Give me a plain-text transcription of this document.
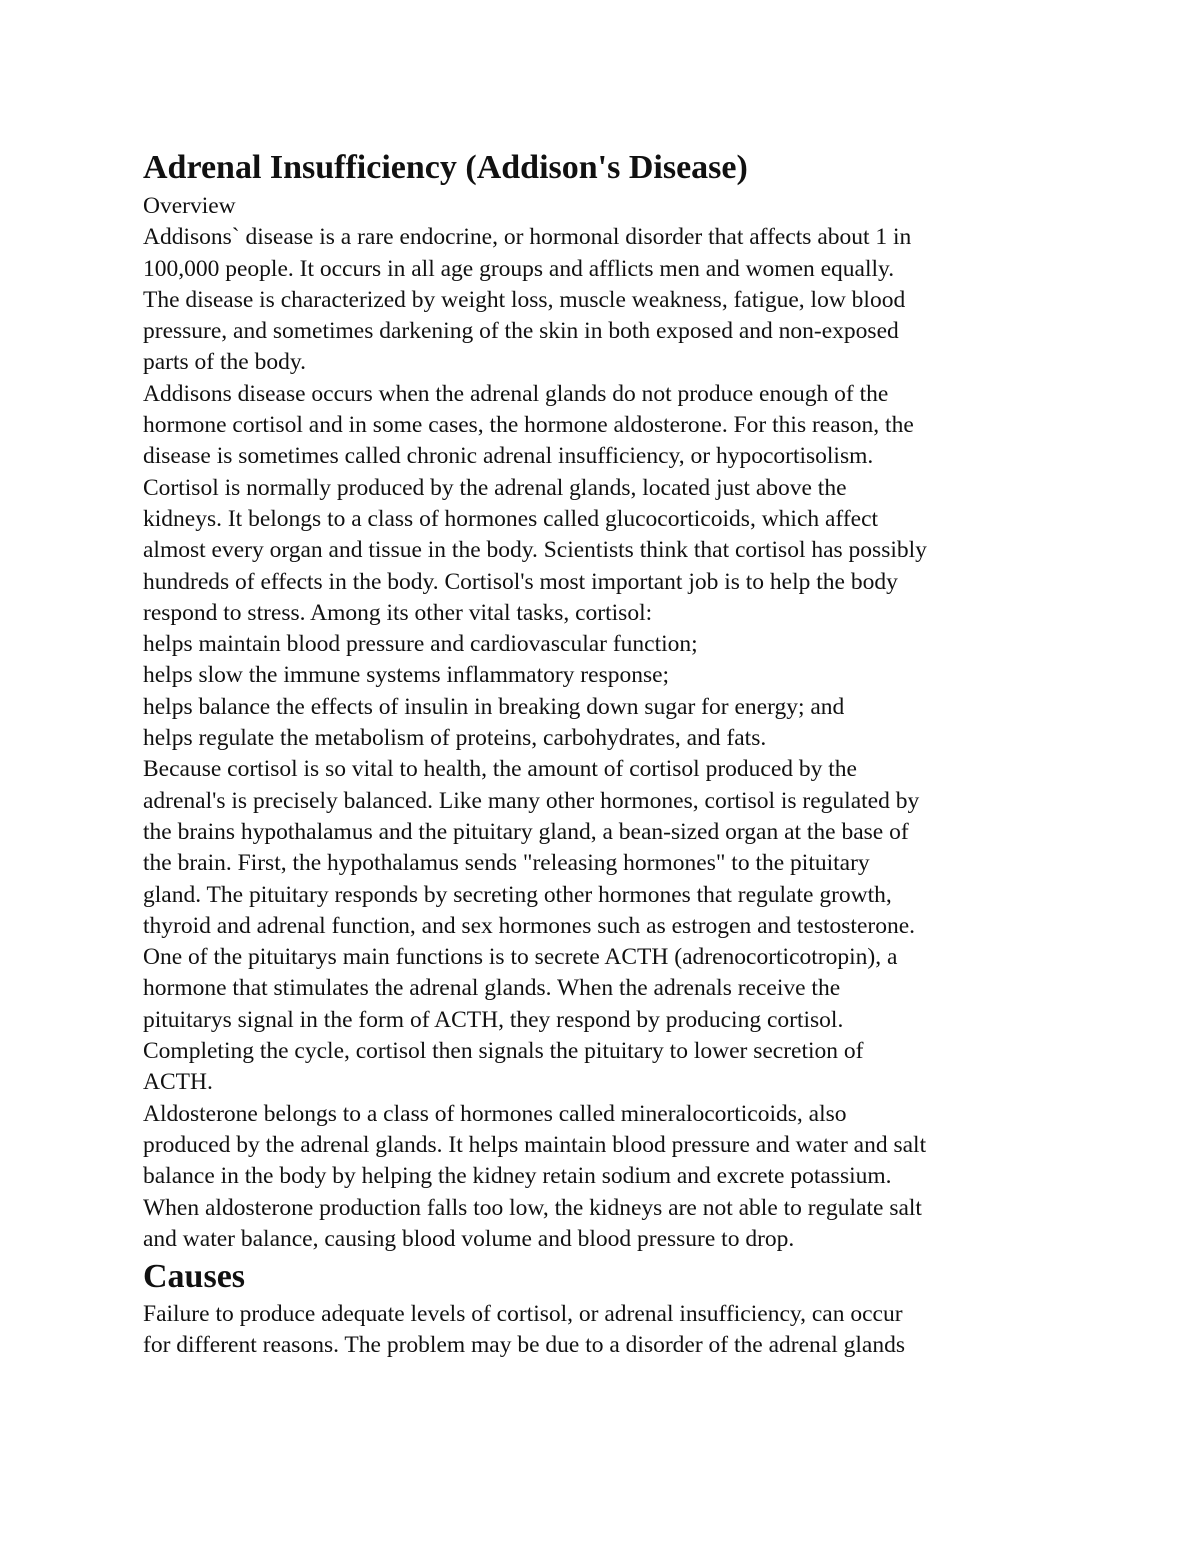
Adrenal Insufficiency (Addison's Disease)

Overview

Addisons` disease is a rare endocrine, or hormonal disorder that affects about 1 in

100,000 people. It occurs in all age groups and afflicts men and women equally.

The disease is characterized by weight loss, muscle weakness, fatigue, low blood

pressure, and sometimes darkening of the skin in both exposed and non-exposed

parts of the body.

Addisons disease occurs when the adrenal glands do not produce enough of the

hormone cortisol and in some cases, the hormone aldosterone. For this reason, the

disease is sometimes called chronic adrenal insufficiency, or hypocortisolism.

Cortisol is normally produced by the adrenal glands, located just above the

kidneys. It belongs to a class of hormones called glucocorticoids, which affect

almost every organ and tissue in the body. Scientists think that cortisol has possibly

hundreds of effects in the body. Cortisol's most important job is to help the body

respond to stress. Among its other vital tasks, cortisol:

helps maintain blood pressure and cardiovascular function;

helps slow the immune systems inflammatory response;

helps balance the effects of insulin in breaking down sugar for energy; and

helps regulate the metabolism of proteins, carbohydrates, and fats.

Because cortisol is so vital to health, the amount of cortisol produced by the

adrenal's is precisely balanced. Like many other hormones, cortisol is regulated by

the brains hypothalamus and the pituitary gland, a bean-sized organ at the base of

the brain. First, the hypothalamus sends "releasing hormones" to the pituitary

gland. The pituitary responds by secreting other hormones that regulate growth,

thyroid and adrenal function, and sex hormones such as estrogen and testosterone.

One of the pituitarys main functions is to secrete ACTH (adrenocorticotropin), a

hormone that stimulates the adrenal glands. When the adrenals receive the

pituitarys signal in the form of ACTH, they respond by producing cortisol.

Completing the cycle, cortisol then signals the pituitary to lower secretion of

ACTH.

Aldosterone belongs to a class of hormones called mineralocorticoids, also

produced by the adrenal glands. It helps maintain blood pressure and water and salt

balance in the body by helping the kidney retain sodium and excrete potassium.

When aldosterone production falls too low, the kidneys are not able to regulate salt

and water balance, causing blood volume and blood pressure to drop.

Causes

Failure to produce adequate levels of cortisol, or adrenal insufficiency, can occur

for different reasons. The problem may be due to a disorder of the adrenal glands
